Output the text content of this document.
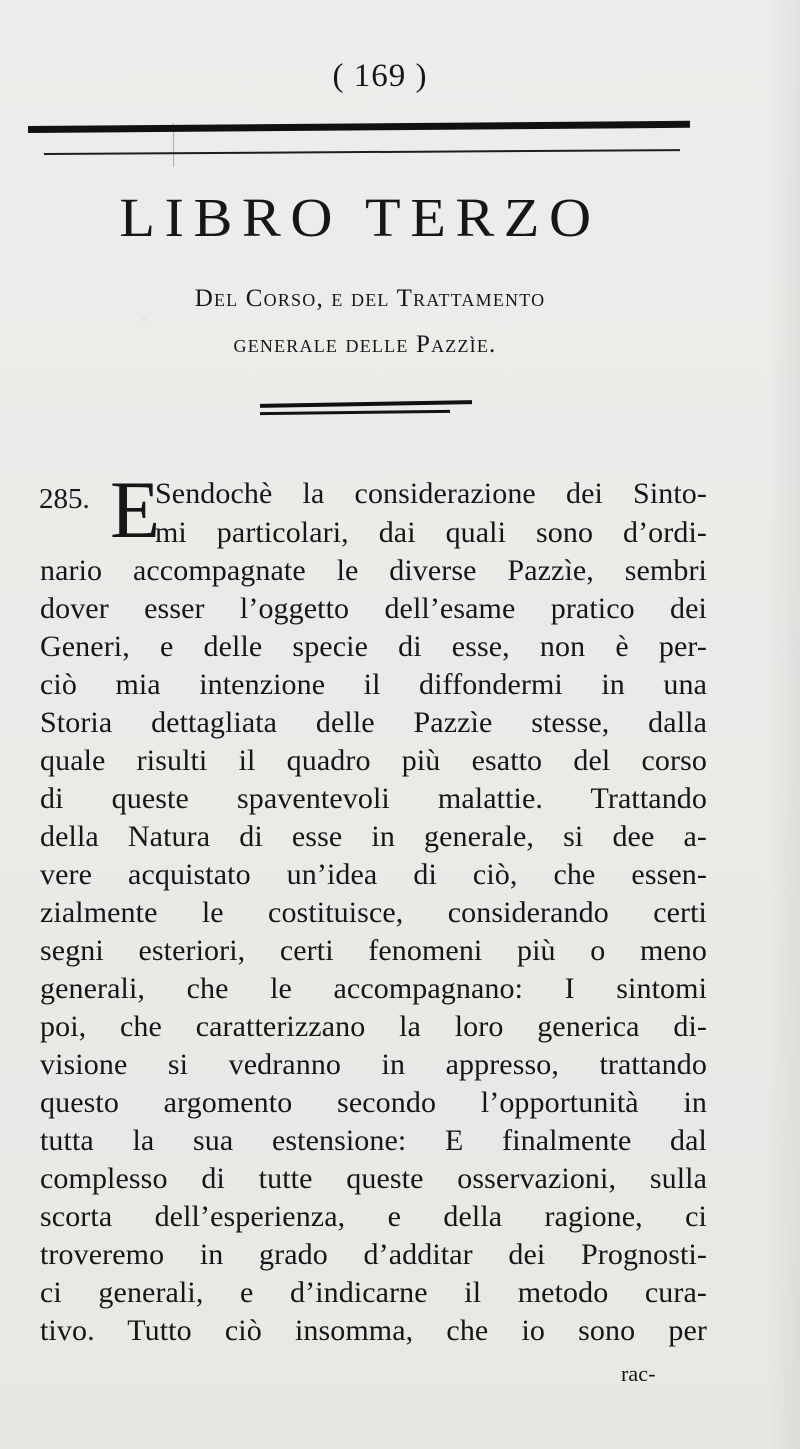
( 169 )
LIBRO TERZO
Del Corso, e del Trattamento
generale delle Pazzìe.
285. E
Sendochè la considerazione dei Sinto-
mi particolari, dai quali sono d’ordi-
nario accompagnate le diverse Pazzìe, sembri
dover esser l’oggetto dell’esame pratico dei
Generi, e delle specie di esse, non è per-
ciò mia intenzione il diffondermi in una
Storia dettagliata delle Pazzìe stesse, dalla
quale risulti il quadro più esatto del corso
di queste spaventevoli malattie. Trattando
della Natura di esse in generale, si dee a-
vere acquistato un’idea di ciò, che essen-
zialmente le costituisce, considerando certi
segni esteriori, certi fenomeni più o meno
generali, che le accompagnano: I sintomi
poi, che caratterizzano la loro generica di-
visione si vedranno in appresso, trattando
questo argomento secondo l’opportunità in
tutta la sua estensione: E finalmente dal
complesso di tutte queste osservazioni, sulla
scorta dell’esperienza, e della ragione, ci
troveremo in grado d’additar dei Prognosti-
ci generali, e d’indicarne il metodo cura-
tivo. Tutto ciò insomma, che io sono per
rac-
